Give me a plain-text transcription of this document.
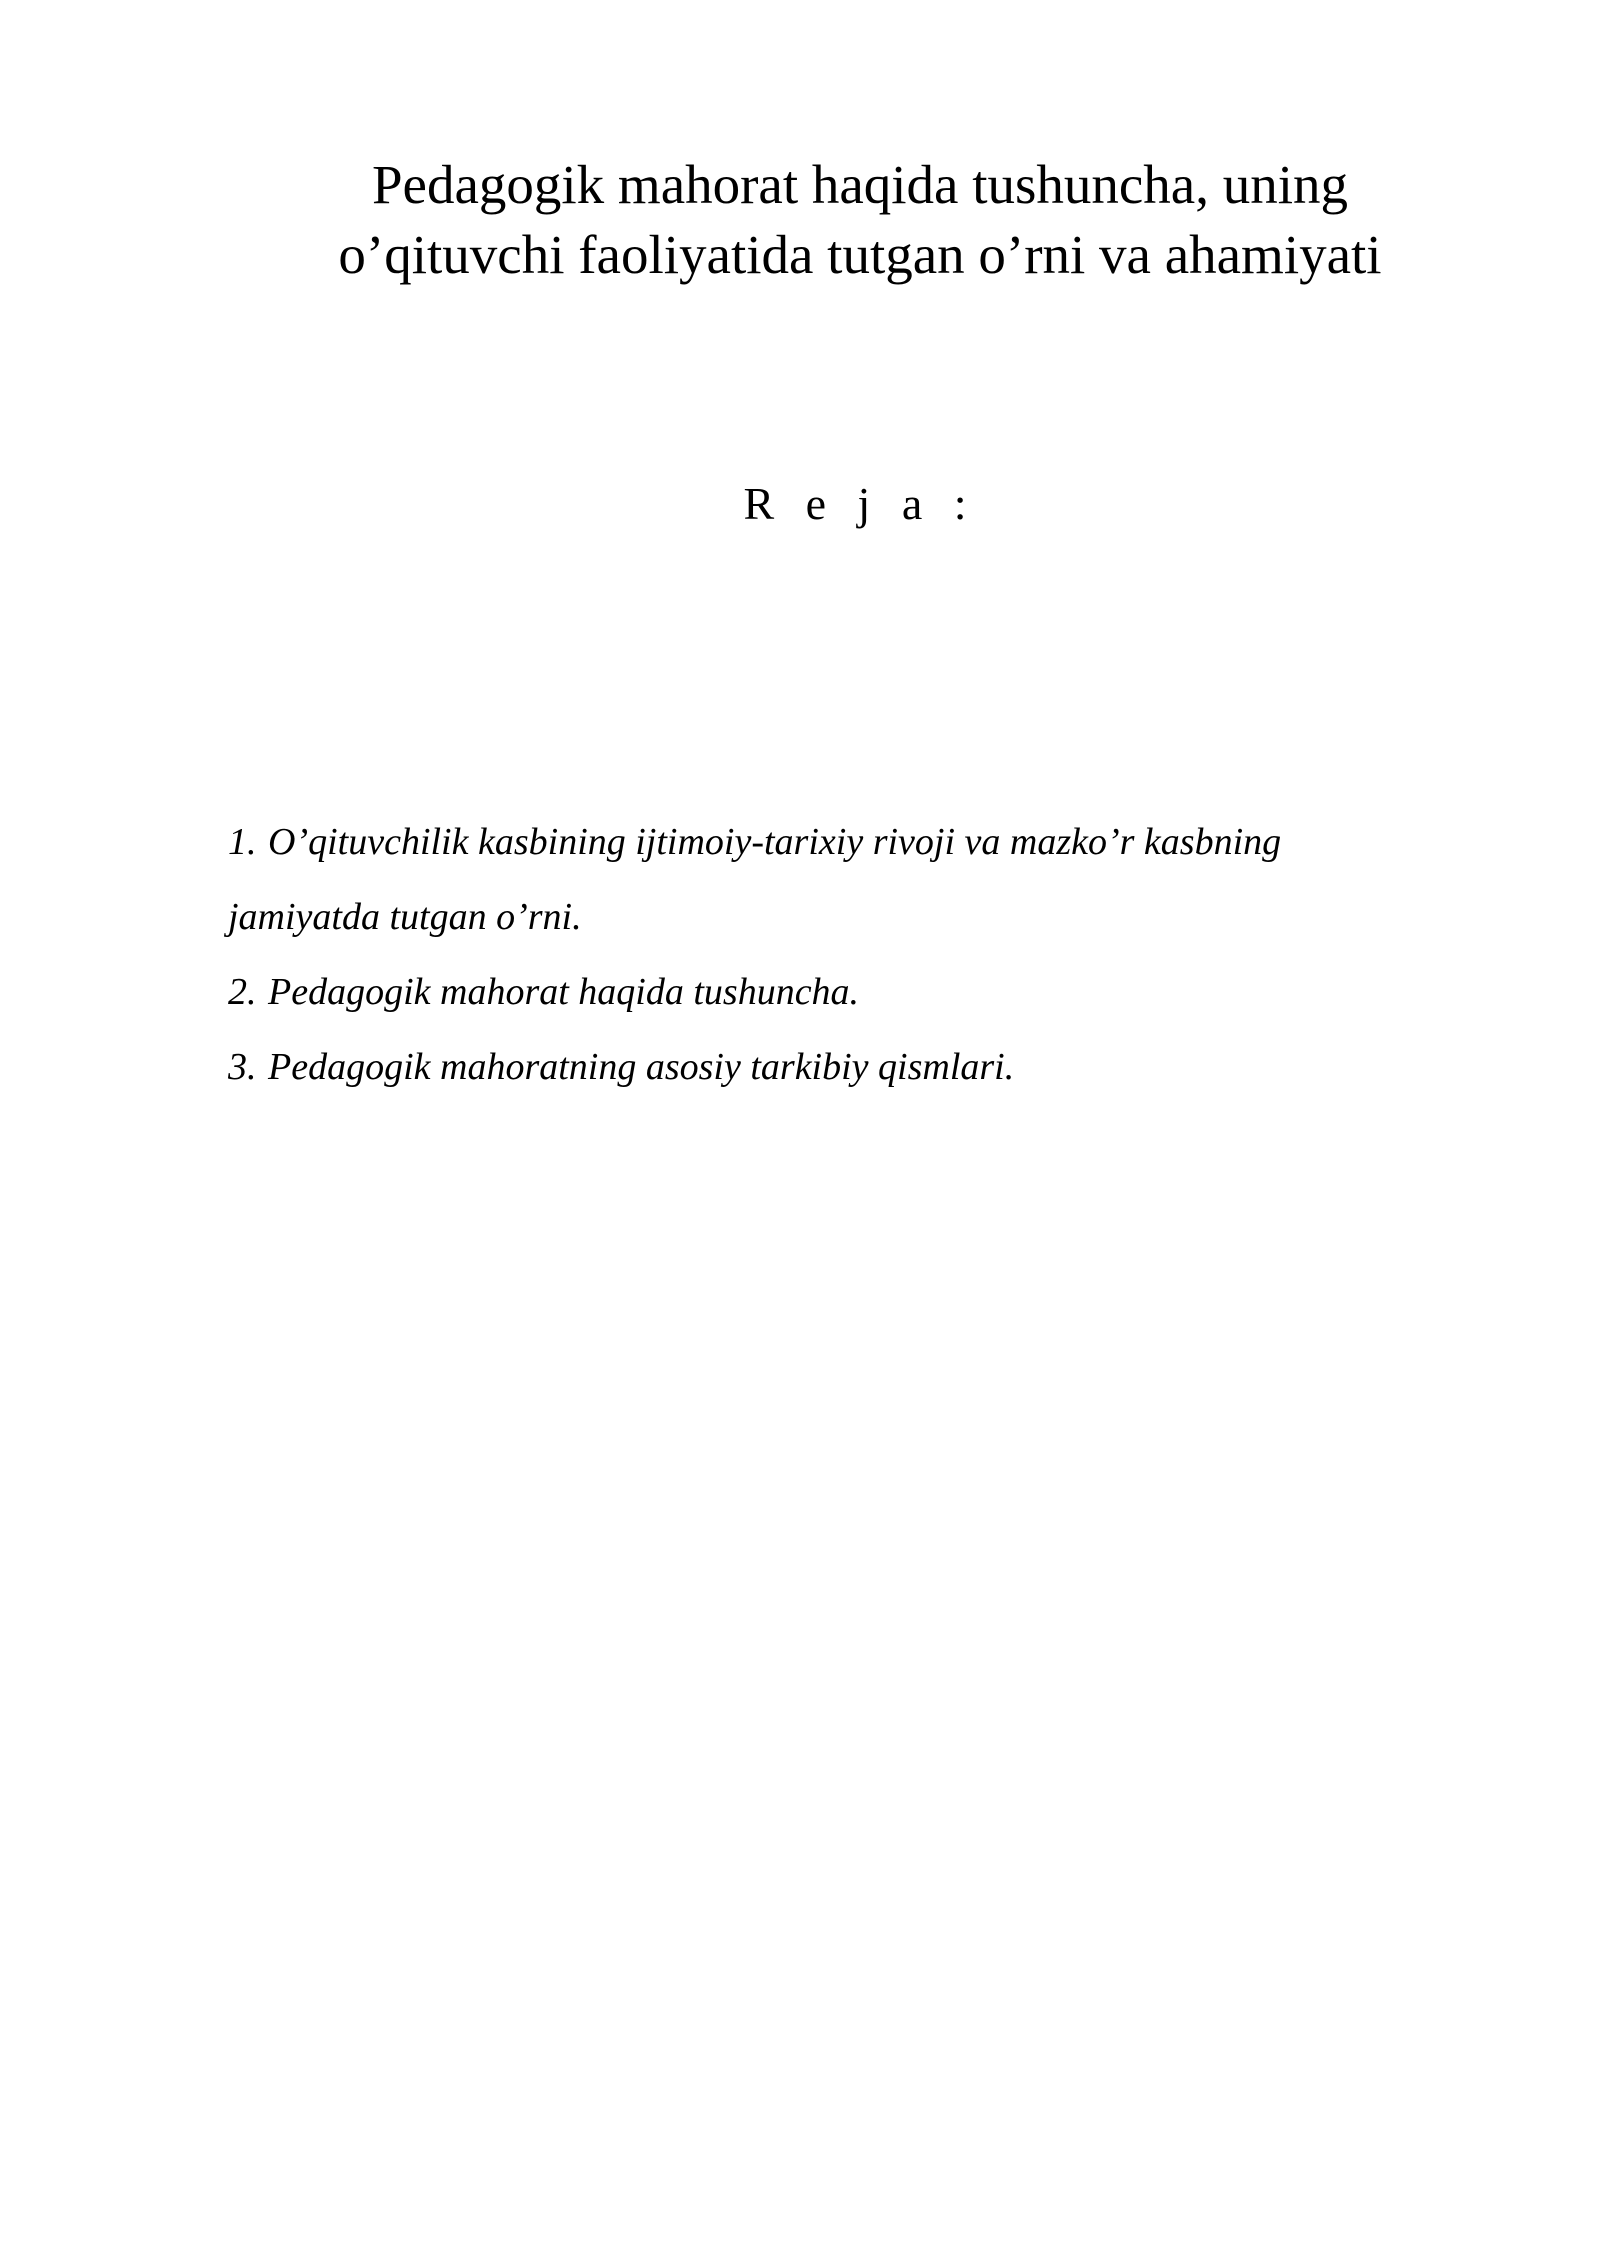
Pedagogik mahorat haqida tushuncha, uning
o’qituvchi faoliyatida tutgan o’rni va ahamiyati
R e j a :
1. O’qituvchilik kasbining ijtimoiy-tarixiy rivoji va mazko’r kasbning
jamiyatda tutgan o’rni.
2. Pedagogik mahorat haqida tushuncha.
3. Pedagogik mahoratning asosiy tarkibiy qismlari.
